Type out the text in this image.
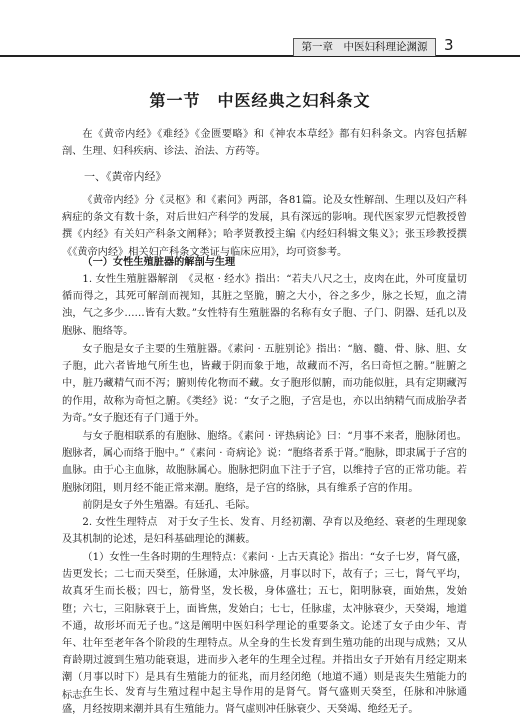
第一章　中医妇科理论渊源	3
第一节　中医经典之妇科条文

在《黄帝内经》《难经》《金匮要略》和《神农本草经》都有妇科条文。内容包括解剖、生理、妇科疾病、诊法、治法、方药等。

一、《黄帝内经》

《黄帝内经》分《灵枢》和《素问》两部，各81篇。论及女性解剖、生理以及妇产科病症的条文有数十条，对后世妇产科学的发展，具有深远的影响。现代医家罗元恺教授曾撰《内经》有关妇产科条文阐释》；哈孝贤教授主编《内经妇科辑文集义》；张玉珍教授撰《《黄帝内经》相关妇产科条文类证与临床应用》，均可资参考。

（一）女性生殖脏器的解剖与生理

1. 女性生殖脏器解剖　《灵枢 · 经水》指出：“若夫八尺之士，皮肉在此，外可度量切循而得之，其死可解剖而视知，其脏之坚脆，腑之大小，谷之多少，脉之长短，血之清浊，气之多少……皆有大数。”女性特有生殖脏器的名称有女子胞、子门、阴器、廷孔以及胞脉、胞络等。

女子胞是女子主要的生殖脏器。《素问 · 五脏别论》指出：“脑、髓、骨、脉、胆、女子胞，此六者皆地气所生也，皆藏于阴而象于地，故藏而不泻，名曰奇恒之腑。”脏腑之中，脏乃藏精气而不泻；腑则传化物而不藏。女子胞形似腑，而功能似脏，具有定期藏泻的作用，故称为奇恒之腑。《类经》说：“女子之胞，子宫是也，亦以出纳精气而成胎孕者为奇。”女子胞还有子门通于外。

与女子胞相联系的有胞脉、胞络。《素问 · 评热病论》曰：“月事不来者，胞脉闭也。胞脉者，属心而络于胞中。”《素问 · 奇病论》说：“胞络者系于肾。”胞脉，即隶属于子宫的血脉。由于心主血脉，故胞脉属心。胞脉把阴血下注于子宫，以维持子宫的正常功能。若胞脉闭阻，则月经不能正常来潮。胞络，是子宫的络脉，具有维系子宫的作用。

前阴是女子外生殖器。有廷孔、毛际。

2. 女性生理特点　对于女子生长、发育、月经初潮、孕育以及绝经、衰老的生理现象及其机制的论述，是妇科基础理论的渊薮。

（1）女性一生各时期的生理特点：《素问 · 上古天真论》指出：“女子七岁，肾气盛，齿更发长；二七而天癸至，任脉通，太冲脉盛，月事以时下，故有子；三七，肾气平均，故真牙生而长极；四七，筋骨坚，发长极，身体盛壮；五七，阳明脉衰，面始焦，发始堕；六七，三阳脉衰于上，面皆焦，发始白；七七，任脉虚，太冲脉衰少，天癸竭，地道不通，故形坏而无子也。”这是阐明中医妇科学理论的重要条文。论述了女子由少年、青年、壮年至老年各个阶段的生理特点。从全身的生长发育到生殖功能的出现与成熟；又从育龄期过渡到生殖功能衰退，进而步入老年的生理全过程。并指出女子开始有月经定期来潮（月事以时下）是具有生殖能力的征兆，而月经闭绝（地道不通）则是丧失生殖能力的标志。

在生长、发育与生殖过程中起主导作用的是肾气。肾气盛则天癸至，任脉和冲脉通盛，月经按期来潮并具有生殖能力。肾气虚则冲任脉衰少、天癸竭、绝经无子。
